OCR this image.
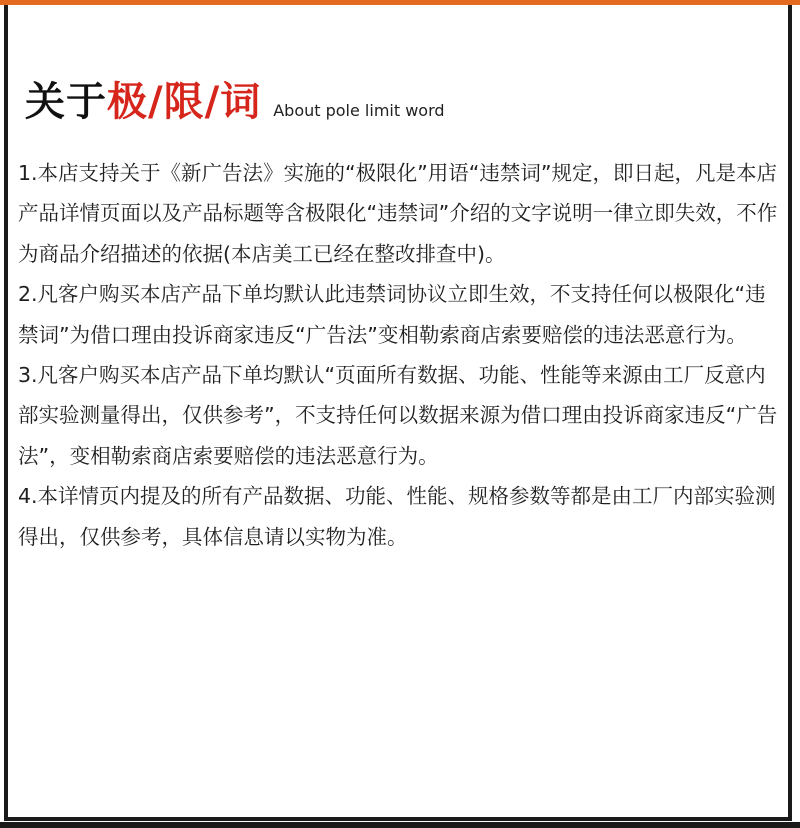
关于 极/限/词 About pole limit word

1.本店支持关于《新广告法》实施的“极限化”用语“违禁词”规定，即日起，凡是本店产品详情页面以及产品标题等含极限化“违禁词”介绍的文字说明一律立即失效，不作为商品介绍描述的依据(本店美工已经在整改排查中)。

2.凡客户购买本店产品下单均默认此违禁词协议立即生效，不支持任何以极限化“违禁词”为借口理由投诉商家违反“广告法”变相勒索商店索要赔偿的违法恶意行为。

3.凡客户购买本店产品下单均默认“页面所有数据、功能、性能等来源由工厂反意内部实验测量得出，仅供参考”，不支持任何以数据来源为借口理由投诉商家违反“广告法”，变相勒索商店索要赔偿的违法恶意行为。

4.本详情页内提及的所有产品数据、功能、性能、规格参数等都是由工厂内部实验测得出，仅供参考，具体信息请以实物为准。
